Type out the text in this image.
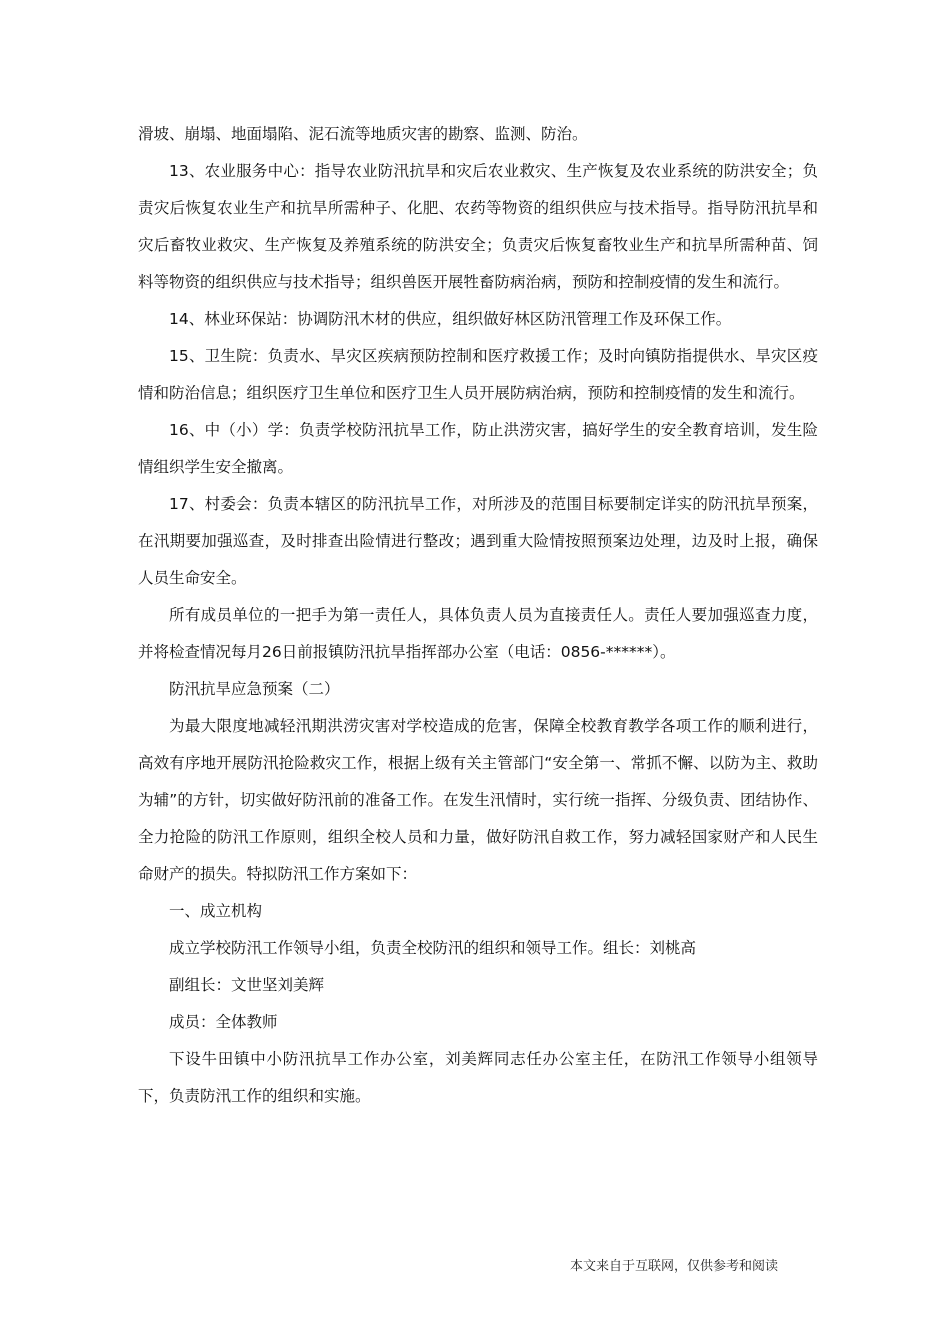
滑坡、崩塌、地面塌陷、泥石流等地质灾害的勘察、监测、防治。

13、农业服务中心：指导农业防汛抗旱和灾后农业救灾、生产恢复及农业系统的防洪安全；负责灾后恢复农业生产和抗旱所需种子、化肥、农药等物资的组织供应与技术指导。指导防汛抗旱和灾后畜牧业救灾、生产恢复及养殖系统的防洪安全；负责灾后恢复畜牧业生产和抗旱所需种苗、饲料等物资的组织供应与技术指导；组织兽医开展牲畜防病治病，预防和控制疫情的发生和流行。

14、林业环保站：协调防汛木材的供应，组织做好林区防汛管理工作及环保工作。

15、卫生院：负责水、旱灾区疾病预防控制和医疗救援工作；及时向镇防指提供水、旱灾区疫情和防治信息；组织医疗卫生单位和医疗卫生人员开展防病治病，预防和控制疫情的发生和流行。

16、中（小）学：负责学校防汛抗旱工作，防止洪涝灾害，搞好学生的安全教育培训，发生险情组织学生安全撤离。

17、村委会：负责本辖区的防汛抗旱工作，对所涉及的范围目标要制定详实的防汛抗旱预案，在汛期要加强巡查，及时排查出险情进行整改；遇到重大险情按照预案边处理，边及时上报，确保人员生命安全。

所有成员单位的一把手为第一责任人，具体负责人员为直接责任人。责任人要加强巡查力度，并将检查情况每月26日前报镇防汛抗旱指挥部办公室（电话：0856-******）。

防汛抗旱应急预案（二）

为最大限度地减轻汛期洪涝灾害对学校造成的危害，保障全校教育教学各项工作的顺利进行，高效有序地开展防汛抢险救灾工作，根据上级有关主管部门“安全第一、常抓不懈、以防为主、救助为辅”的方针，切实做好防汛前的准备工作。在发生汛情时，实行统一指挥、分级负责、团结协作、全力抢险的防汛工作原则，组织全校人员和力量，做好防汛自救工作，努力减轻国家财产和人民生命财产的损失。特拟防汛工作方案如下：

一、成立机构

成立学校防汛工作领导小组，负责全校防汛的组织和领导工作。组长：刘桃高

副组长：文世坚刘美辉

成员：全体教师

下设牛田镇中小防汛抗旱工作办公室，刘美辉同志任办公室主任，在防汛工作领导小组领导下，负责防汛工作的组织和实施。

本文来自于互联网，仅供参考和阅读
